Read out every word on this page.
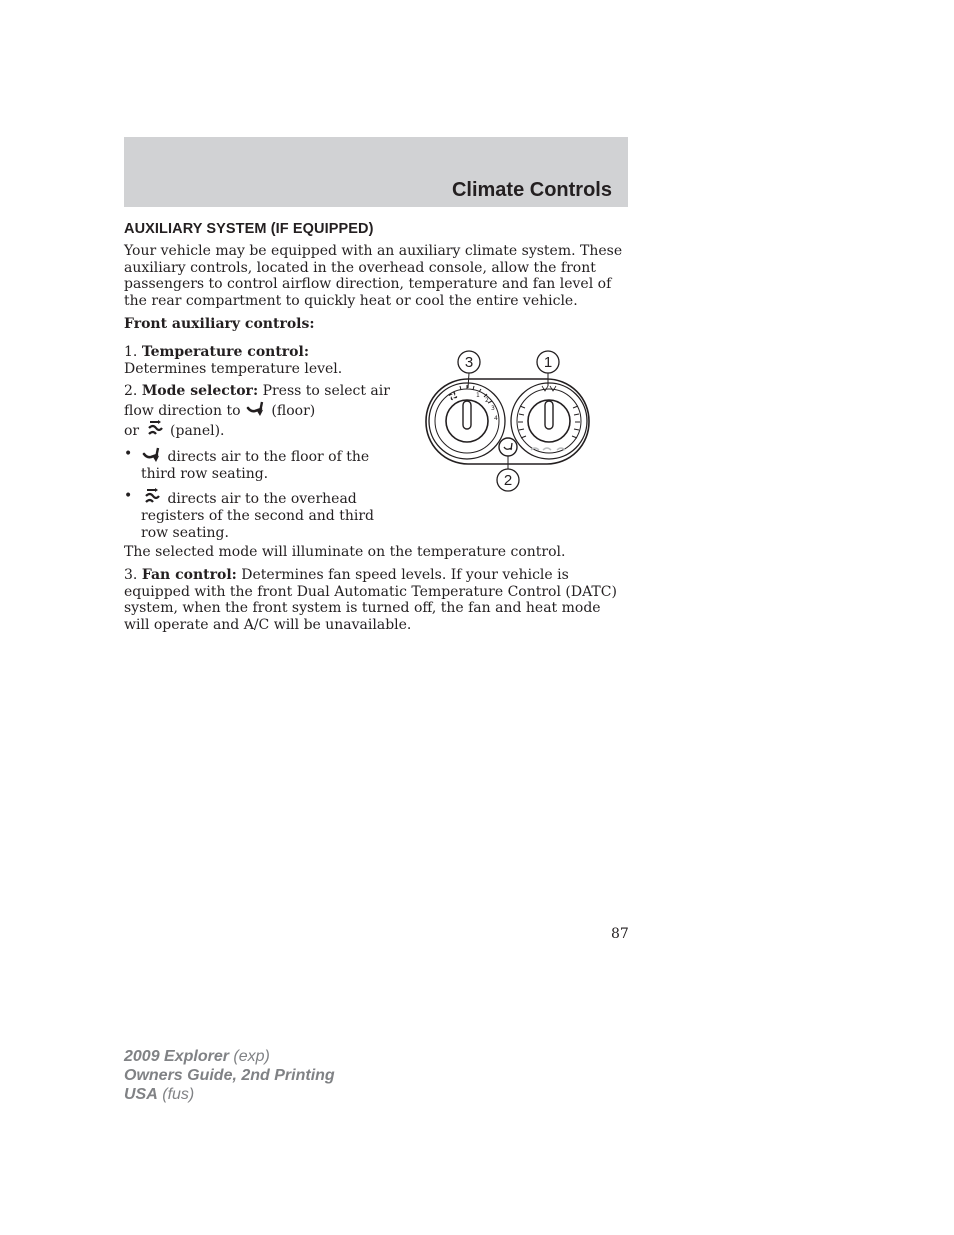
Climate Controls
AUXILIARY SYSTEM (IF EQUIPPED)

Your vehicle may be equipped with an auxiliary climate system. These auxiliary controls, located in the overhead console, allow the front passengers to control airflow direction, temperature and fan level of the rear compartment to quickly heat or cool the entire vehicle.

Front auxiliary controls:

1. Temperature control:
Determines temperature level.
2. Mode selector: Press to select air flow direction to (floor)
or (panel).
•	directs air to the floor of the third row seating.
•	directs air to the overhead registers of the second and third row seating.
1
2
3
4
3	1
2

The selected mode will illuminate on the temperature control.

3. Fan control: Determines fan speed levels. If your vehicle is equipped with the front Dual Automatic Temperature Control (DATC) system, when the front system is turned off, the fan and heat mode will operate and A/C will be unavailable.
87
2009 Explorer (exp)
Owners Guide, 2nd Printing
USA (fus)
